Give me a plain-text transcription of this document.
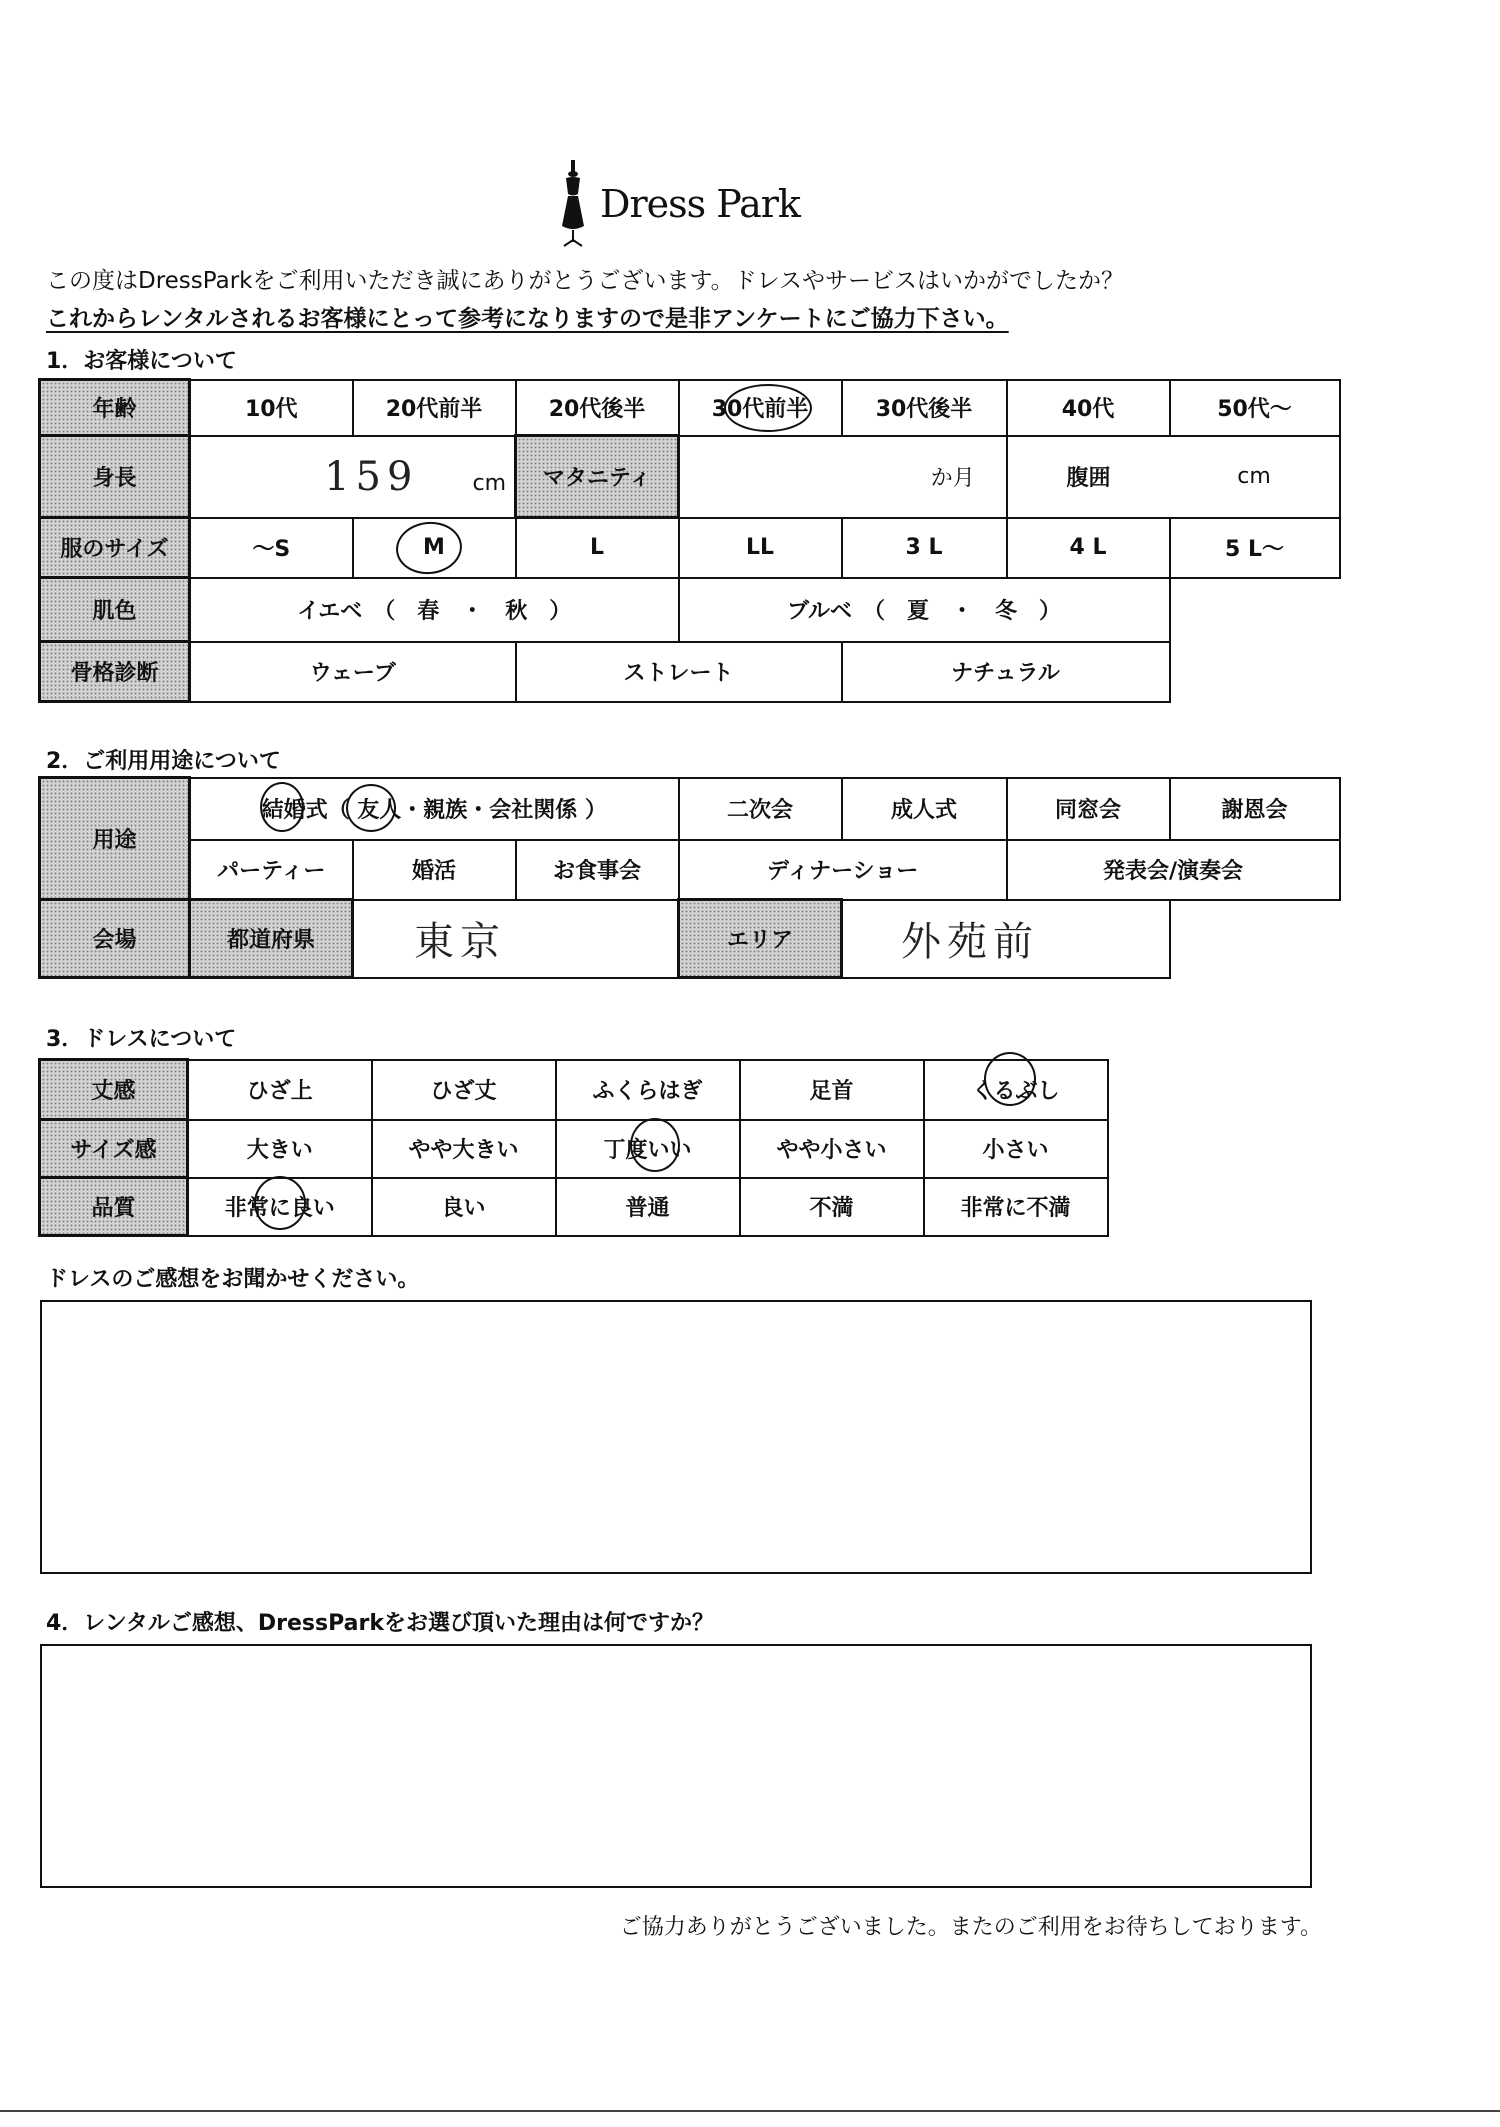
Dress Park
この度はDressParkをご利用いただき誠にありがとうございます。ドレスやサービスはいかがでしたか？
これからレンタルされるお客様にとって参考になりますので是非アンケートにご協力下さい。
1．お客様について
年齢	10代	20代前半	20代後半	30代前半	30代後半	40代	50代～
身長	159 cm		マタニティ	か月		腹囲	cm
服のサイズ	～S	M	L	LL	3 L	4 L	5 L～
肌色	イエベ　（　春　・　秋　）			ブルベ　（　夏　・　冬　）			
骨格診断	ウェーブ		ストレート		ナチュラル		
2．ご利用用途について
用途	結婚式（ 友人・親族・会社関係 ）			二次会	成人式	同窓会	謝恩会
	パーティー	婚活	お食事会	ディナーショー		発表会/演奏会	
会場	都道府県	東京		エリア	外苑前		
3．ドレスについて
丈感	ひざ上	ひざ丈	ふくらはぎ	足首	くるぶし
サイズ感	大きい	やや大きい	丁度いい	やや小さい	小さい
品質	非常に良い	良い	普通	不満	非常に不満
ドレスのご感想をお聞かせください。
4．レンタルご感想、DressParkをお選び頂いた理由は何ですか？
ご協力ありがとうございました。またのご利用をお待ちしております。
